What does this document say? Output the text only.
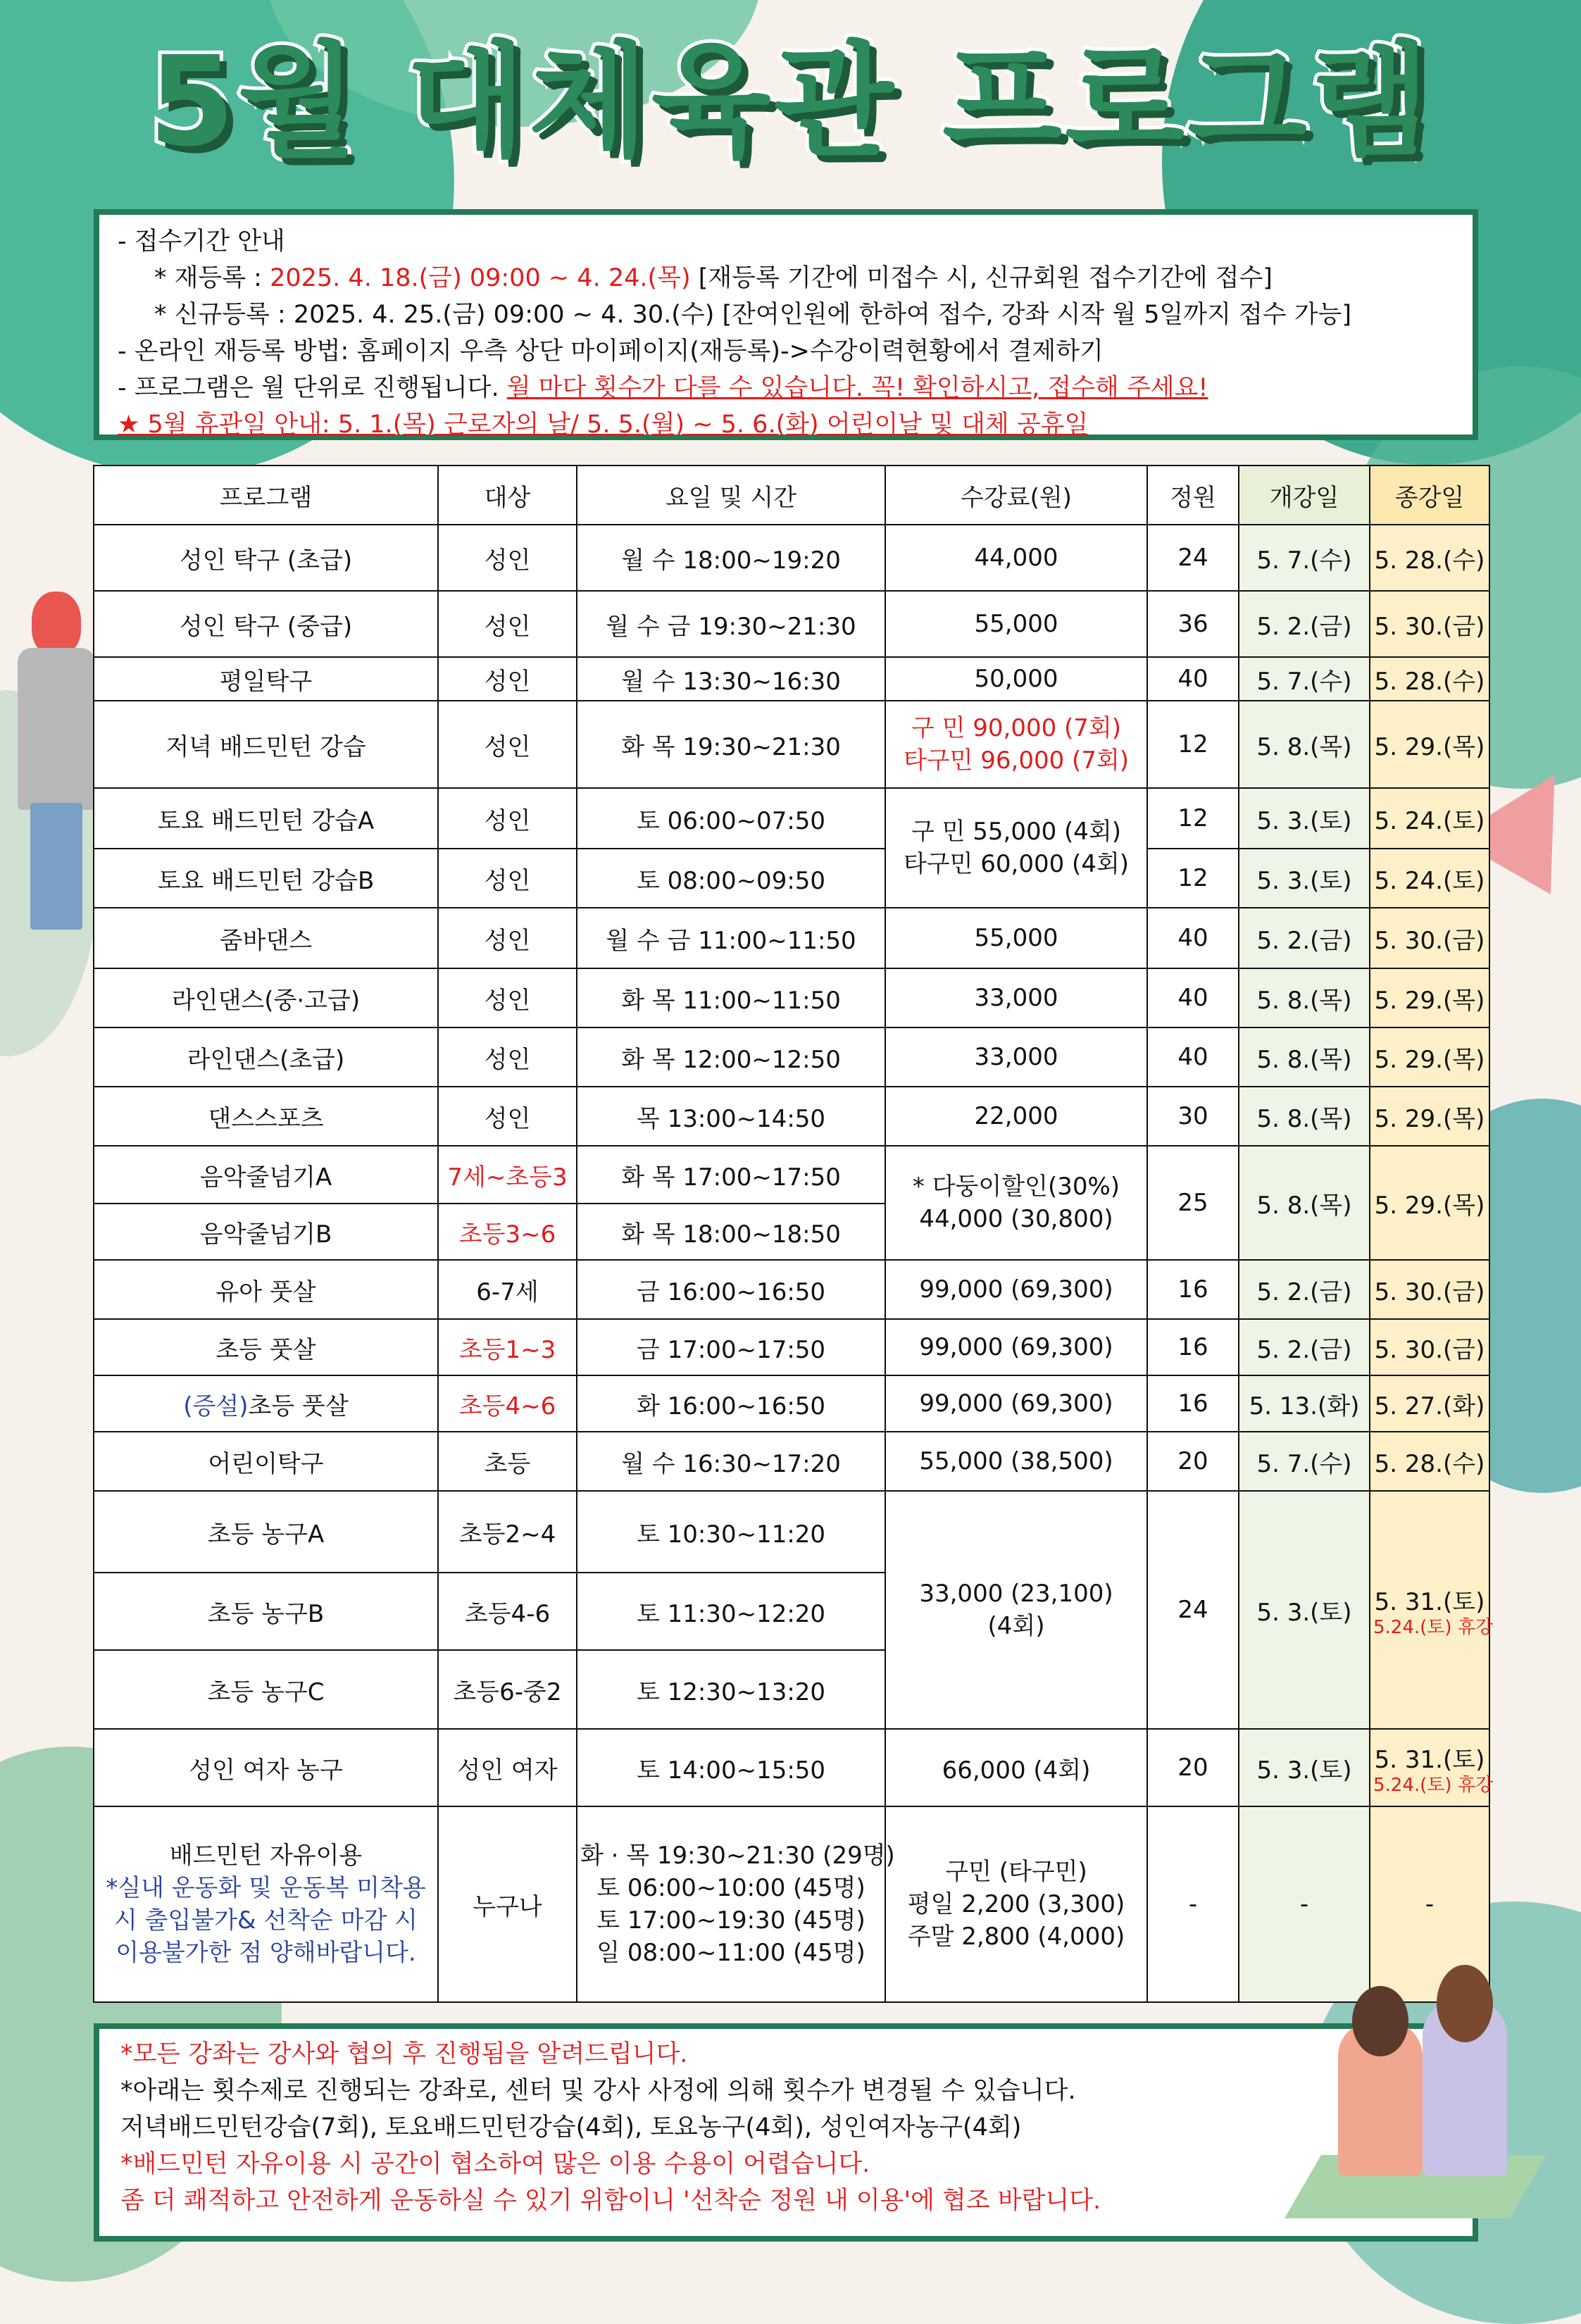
5월 대체육관 프로그램
- 접수기간 안내
* 재등록 : 2025. 4. 18.(금) 09:00 ~ 4. 24.(목) [재등록 기간에 미접수 시, 신규회원 접수기간에 접수]
* 신규등록 : 2025. 4. 25.(금) 09:00 ~ 4. 30.(수) [잔여인원에 한하여 접수, 강좌 시작 월 5일까지 접수 가능]
- 온라인 재등록 방법: 홈페이지 우측 상단 마이페이지(재등록)->수강이력현황에서 결제하기
- 프로그램은 월 단위로 진행됩니다. 월 마다 횟수가 다를 수 있습니다. 꼭! 확인하시고, 접수해 주세요!
★ 5월 휴관일 안내: 5. 1.(목) 근로자의 날/ 5. 5.(월) ~ 5. 6.(화) 어린이날 및 대체 공휴일
프로그램	대상	요일 및 시간	수강료(원)	정원	개강일	종강일
성인 탁구 (초급)	성인	월 수 18:00~19:20	44,000	24	5. 7.(수)	5. 28.(수)
성인 탁구 (중급)	성인	월 수 금 19:30~21:30	55,000	36	5. 2.(금)	5. 30.(금)
평일탁구	성인	월 수 13:30~16:30	50,000	40	5. 7.(수)	5. 28.(수)
저녁 배드민턴 강습	성인	화 목 19:30~21:30	구 민 90,000 (7회)
타구민 96,000 (7회)	12	5. 8.(목)	5. 29.(목)
토요 배드민턴 강습A	성인	토 06:00~07:50	구 민 55,000 (4회)
타구민 60,000 (4회)	12	5. 3.(토)	5. 24.(토)
토요 배드민턴 강습B	성인	토 08:00~09:50		12	5. 3.(토)	5. 24.(토)
줌바댄스	성인	월 수 금 11:00~11:50	55,000	40	5. 2.(금)	5. 30.(금)
라인댄스(중·고급)	성인	화 목 11:00~11:50	33,000	40	5. 8.(목)	5. 29.(목)
라인댄스(초급)	성인	화 목 12:00~12:50	33,000	40	5. 8.(목)	5. 29.(목)
댄스스포츠	성인	목 13:00~14:50	22,000	30	5. 8.(목)	5. 29.(목)
음악줄넘기A	7세~초등3	화 목 17:00~17:50	* 다둥이할인(30%)
44,000 (30,800)	25	5. 8.(목)	5. 29.(목)
음악줄넘기B	초등3~6	화 목 18:00~18:50				
유아 풋살	6-7세	금 16:00~16:50	99,000 (69,300)	16	5. 2.(금)	5. 30.(금)
초등 풋살	초등1~3	금 17:00~17:50	99,000 (69,300)	16	5. 2.(금)	5. 30.(금)
(증설)초등 풋살	초등4~6	화 16:00~16:50	99,000 (69,300)	16	5. 13.(화)	5. 27.(화)
어린이탁구	초등	월 수 16:30~17:20	55,000 (38,500)	20	5. 7.(수)	5. 28.(수)
초등 농구A	초등2~4	토 10:30~11:20	33,000 (23,100)
(4회)	24	5. 3.(토)	5. 31.(토)
5.24.(토) 휴강

초등 농구B	초등4-6	토 11:30~12:20				
초등 농구C	초등6-중2	토 12:30~13:20				
성인 여자 농구	성인 여자	토 14:00~15:50	66,000 (4회)	20	5. 3.(토)	5. 31.(토)
5.24.(토) 휴강

배드민턴 자유이용
*실내 운동화 및 운동복 미착용
시 출입불가& 선착순 마감 시
이용불가한 점 양해바랍니다.	누구나	화 · 목 19:30~21:30 (29명)
토 06:00~10:00 (45명)
토 17:00~19:30 (45명)
일 08:00~11:00 (45명)	구민 (타구민)
평일 2,200 (3,300)
주말 2,800 (4,000)	-	-	-
*모든 강좌는 강사와 협의 후 진행됨을 알려드립니다.
*아래는 횟수제로 진행되는 강좌로, 센터 및 강사 사정에 의해 횟수가 변경될 수 있습니다.
저녁배드민턴강습(7회), 토요배드민턴강습(4회), 토요농구(4회), 성인여자농구(4회)
*배드민턴 자유이용 시 공간이 협소하여 많은 이용 수용이 어렵습니다.
좀 더 쾌적하고 안전하게 운동하실 수 있기 위함이니 '선착순 정원 내 이용'에 협조 바랍니다.
